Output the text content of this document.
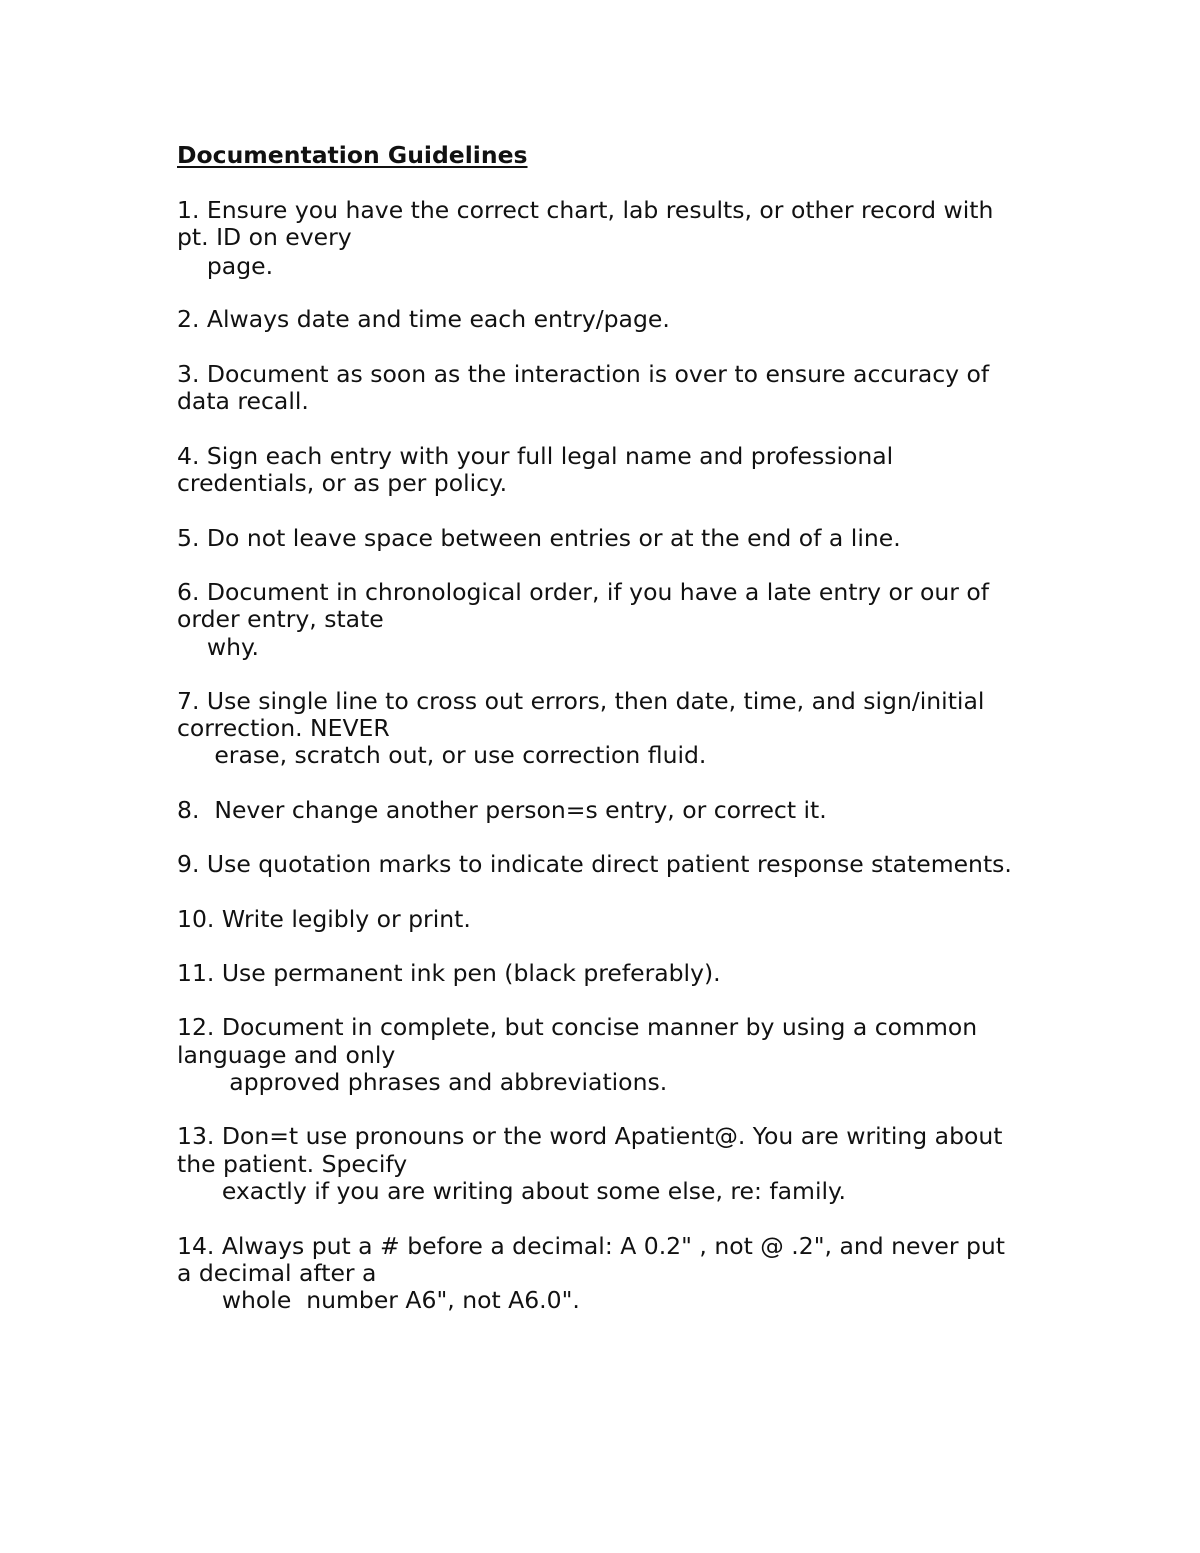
Documentation Guidelines
1. Ensure you have the correct chart, lab results, or other record with
pt. ID on every
page.
2. Always date and time each entry/page.
3. Document as soon as the interaction is over to ensure accuracy of
data recall.
4. Sign each entry with your full legal name and professional
credentials, or as per policy.
5. Do not leave space between entries or at the end of a line.
6. Document in chronological order, if you have a late entry or our of
order entry, state
why.
7. Use single line to cross out errors, then date, time, and sign/initial
correction. NEVER
erase, scratch out, or use correction fluid.
8.  Never change another person=s entry, or correct it.
9. Use quotation marks to indicate direct patient response statements.
10. Write legibly or print.
11. Use permanent ink pen (black preferably).
12. Document in complete, but concise manner by using a common
language and only
approved phrases and abbreviations.
13. Don=t use pronouns or the word Apatient@. You are writing about
the patient. Specify
exactly if you are writing about some else, re: family.
14. Always put a # before a decimal: A 0.2" , not @ .2", and never put
a decimal after a
whole  number A6", not A6.0".
